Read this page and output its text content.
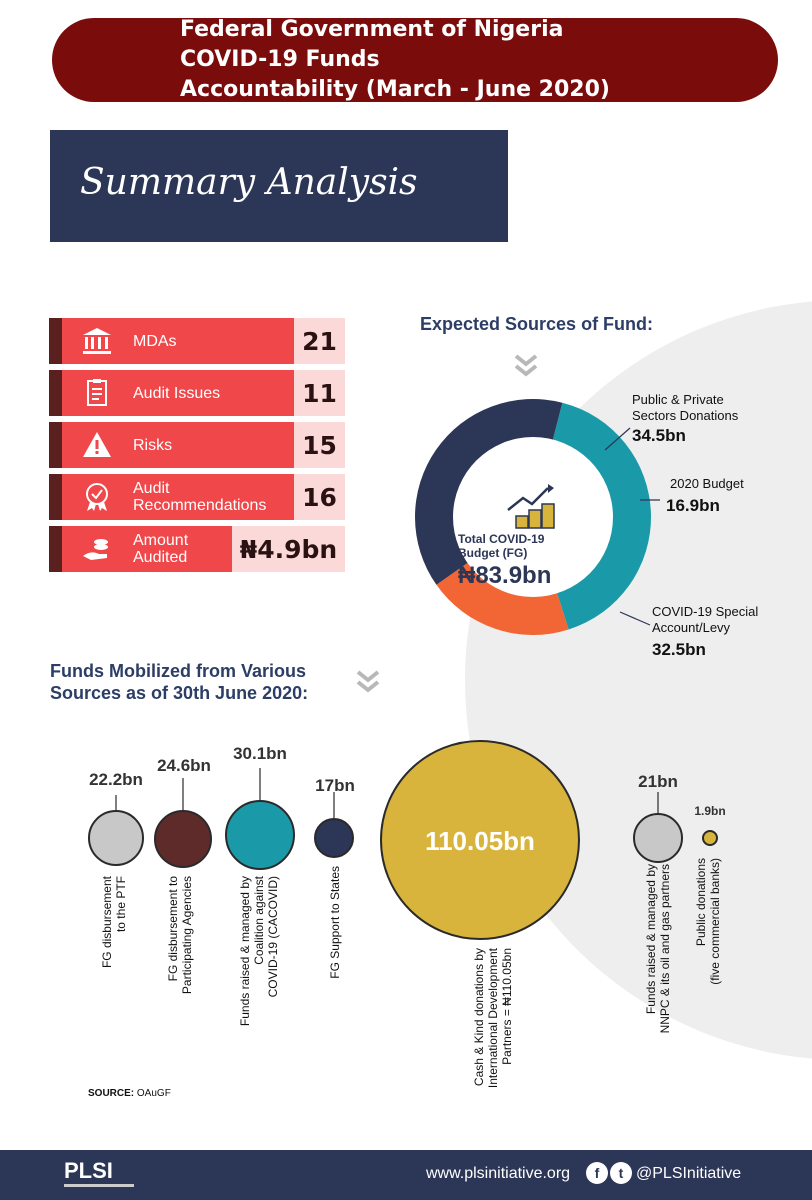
Federal Government of Nigeria COVID-19 Funds
Accountability (March - June 2020)
Summary Analysis
MDAs	21
Audit Issues	11
Risks	15
Audit
Recommendations	16
Amount
Audited	₦4.9bn
Expected Sources of Fund:
Total COVID-19
Budget (FG)
₦83.9bn
Public & Private
Sectors Donations
34.5bn
2020 Budget
16.9bn
COVID-19 Special
Account/Levy
32.5bn
Funds Mobilized from Various
Sources as of 30th June 2020:
22.2bn
24.6bn
30.1bn
17bn
110.05bn
21bn
1.9bn
FG disbursement
to the PTF
FG disbursement to
Participating Agencies
Funds raised & managed by
Coalition against
COVID-19 (CACOVID)	FG Support to States
Cash & Kind donations by
International Development
Partners = ₦110.05bn	Funds raised & managed by
NNPC & its oil and gas partners
Public donations
(five commercial banks)
SOURCE: OAuGF
PLSI	www.plsinitiative.org	f	t @PLSInitiative
